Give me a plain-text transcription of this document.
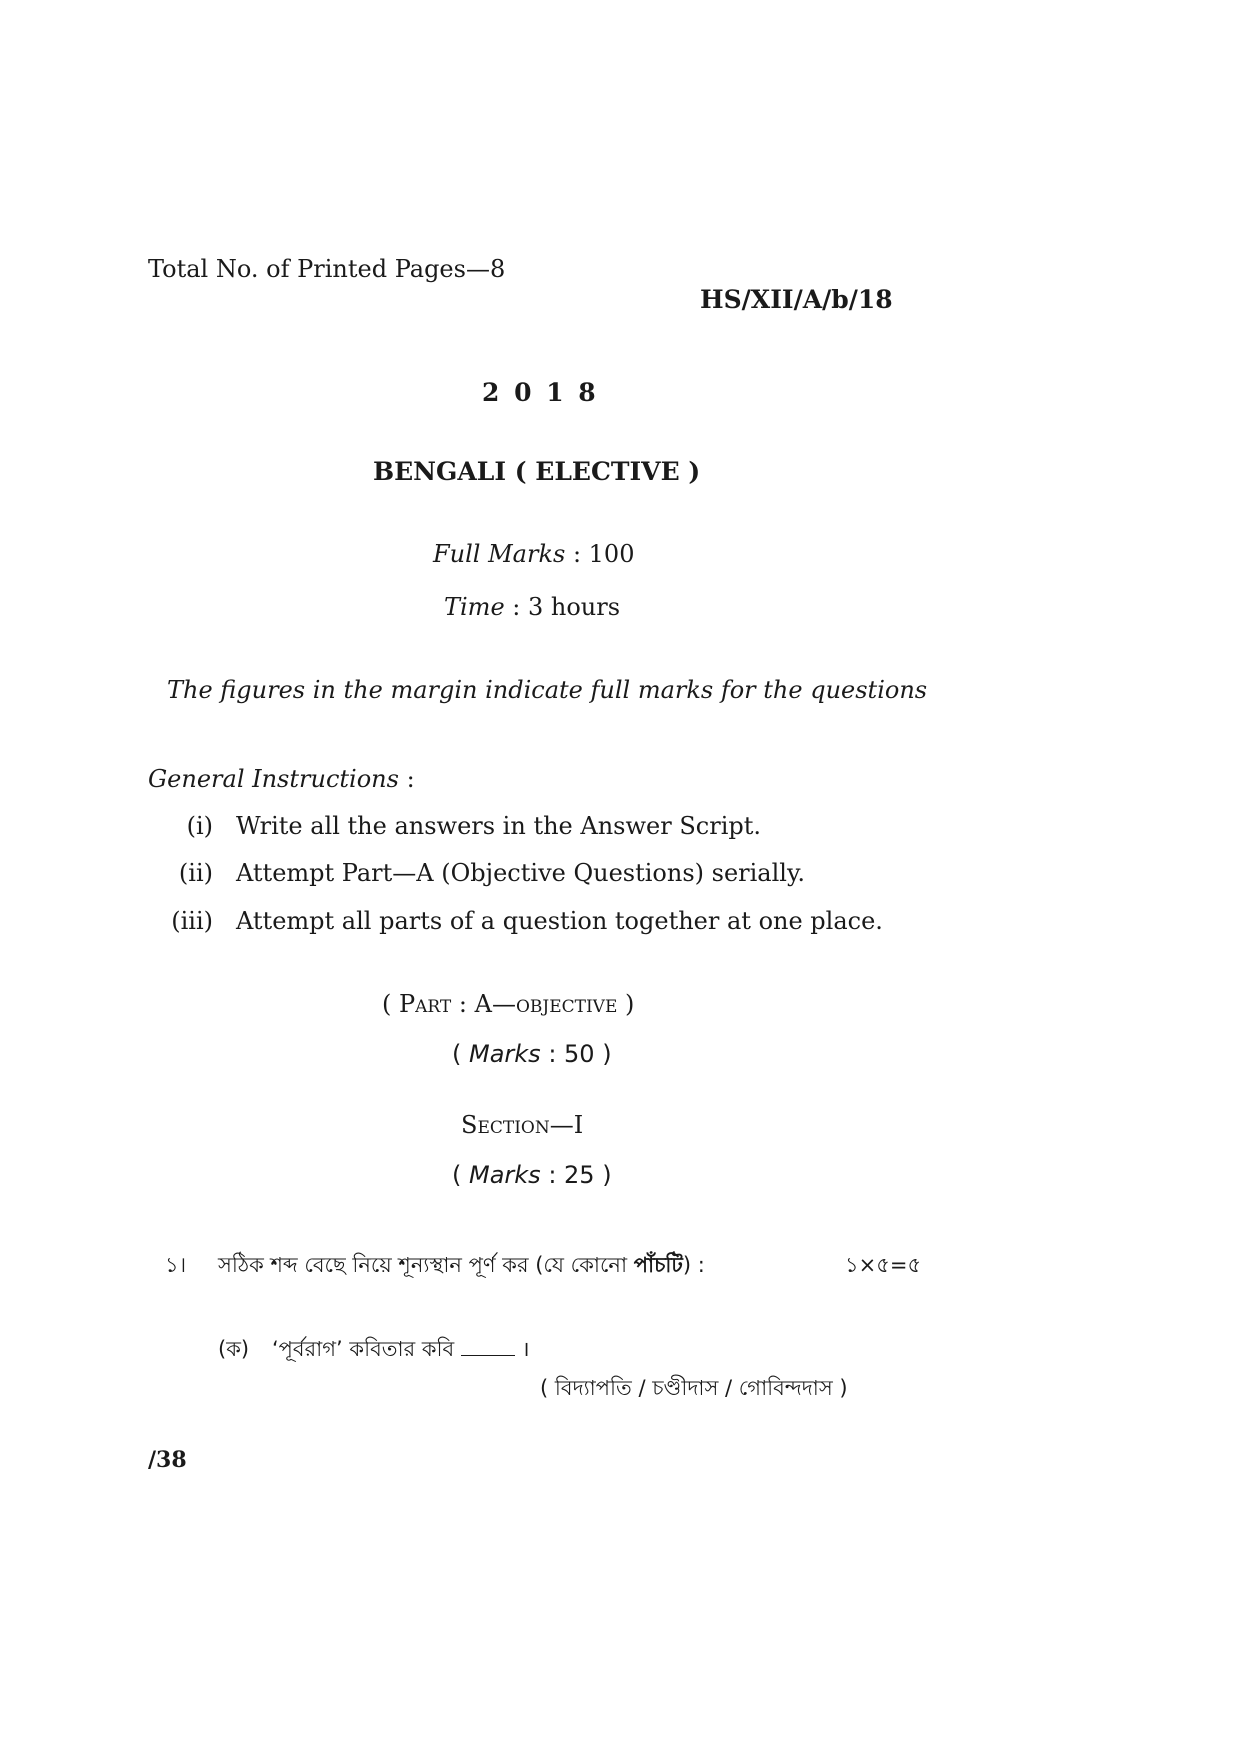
Total No. of Printed Pages—8
HS/XII/A/b/18
2 0 1 8
BENGALI ( ELECTIVE )
Full Marks : 100
Time : 3 hours
The figures in the margin indicate full marks for the questions
General Instructions :
(i) Write all the answers in the Answer Script.
(ii) Attempt Part—A (Objective Questions) serially.
(iii) Attempt all parts of a question together at one place.
( Part : A—objective )
( Marks : 50 )
Section—I
( Marks : 25 )
১। সঠিক শব্দ বেছে নিয়ে শূন্যস্থান পূর্ণ কর (যে কোনো পাঁচটি) :	১×৫=৫
(ক) ‘পূর্বরাগ’ কবিতার কবি	।
( বিদ্যাপতি / চণ্ডীদাস / গোবিন্দদাস )
/38
